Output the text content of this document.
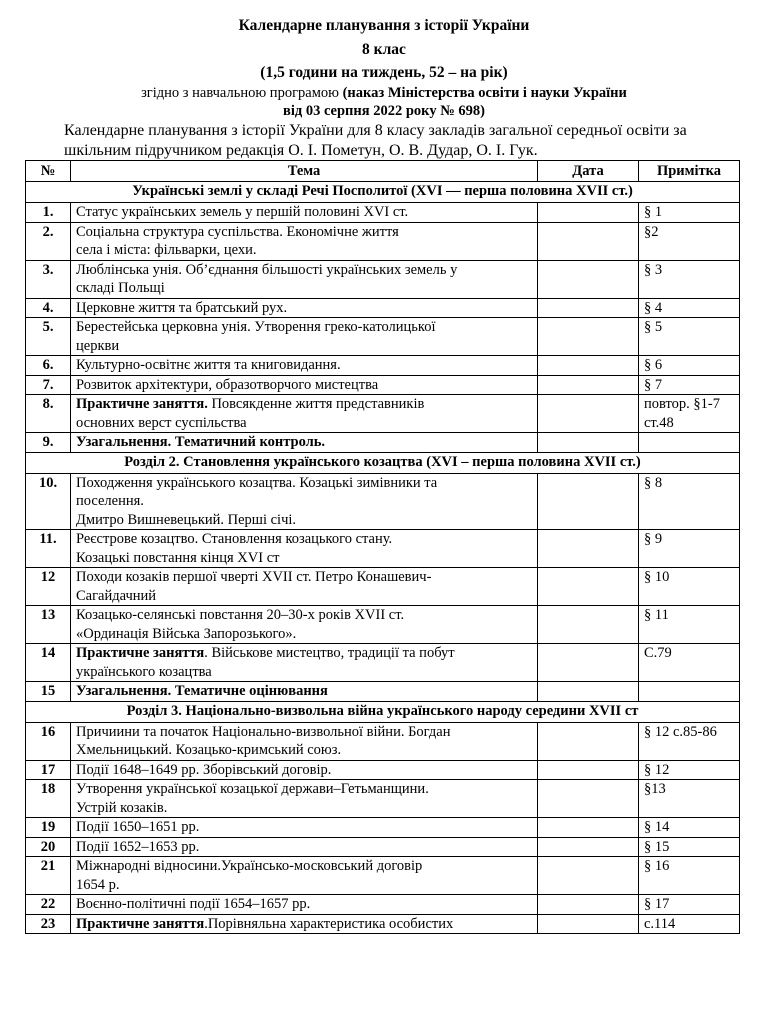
Календарне планування з історії України
8 клас
(1,5 години на тиждень, 52 – на рік)
згідно з навчальною програмою (наказ Міністерства освіти і науки України
від 03 серпня 2022 року № 698)
Календарне планування з історії України для 8 класу закладів загальної середньої освіти за шкільним підручником редакція О. І. Пометун, О. В. Дудар, О. І. Гук.
№	Тема	Дата	Примітка
Українські землі у складі Речі Посполитої (XVI — перша половина XVII ст.)			
1.	Статус українських земель у першій половині XVI ст.		§ 1
2.	Соціальна структура суспільства. Економічне життя
села і міста: фільварки, цехи.		§2
3.	Люблінська унія. Об’єднання більшості українських земель у
складі Польщі		§ 3
4.	Церковне життя та братський рух.		§ 4
5.	Берестейська церковна унія. Утворення греко-католицької
церкви		§ 5
6.	Культурно-освітнє життя та книговидання.		§ 6
7.	Розвиток архітектури, образотворчого мистецтва		§ 7
8.	Практичне заняття. Повсякденне життя представників
основних верст суспільства		повтор. §1-7 ст.48
9.	Узагальнення. Тематичний контроль.		

Розділ 2. Становлення українського козацтва (XVI – перша половина XVII ст.)			
10.	Походження українського козацтва. Козацькі зимівники та
поселення.
Дмитро Вишневецький. Перші січі.		§ 8
11.	Реєстрове козацтво. Становлення козацького стану.
Козацькі повстання кінця XVI ст		§ 9
12	Походи козаків першої чверті XVII ст. Петро Конашевич-
Сагайдачний		§ 10
13	Козацько-селянські повстання 20–30-х років XVII ст.
«Ординація Війська Запорозького».		§ 11
14	Практичне заняття. Військове мистецтво, традиції та побут
українського козацтва		С.79
15	Узагальнення. Тематичне оцінювання		

Розділ 3. Національно-визвольна війна українського народу середини XVII ст			
16	Причиини та початок Національно-визвольної війни. Богдан
Хмельницький. Козацько-кримський союз.		§ 12 с.85-86
17	Події 1648–1649 рр. Зборівський договір.		§ 12
18	Утворення української козацької держави–Гетьманщини.
Устрій козаків.		§13
19	Події 1650–1651 рр.		§ 14
20	Події 1652–1653 рр.		§ 15
21	Міжнародні відносини.Українсько-московський договір
1654 р.		§ 16
22	Воєнно-політичні події 1654–1657 рр.		§ 17
23	Практичне заняття.Порівняльна характеристика особистих		с.114
